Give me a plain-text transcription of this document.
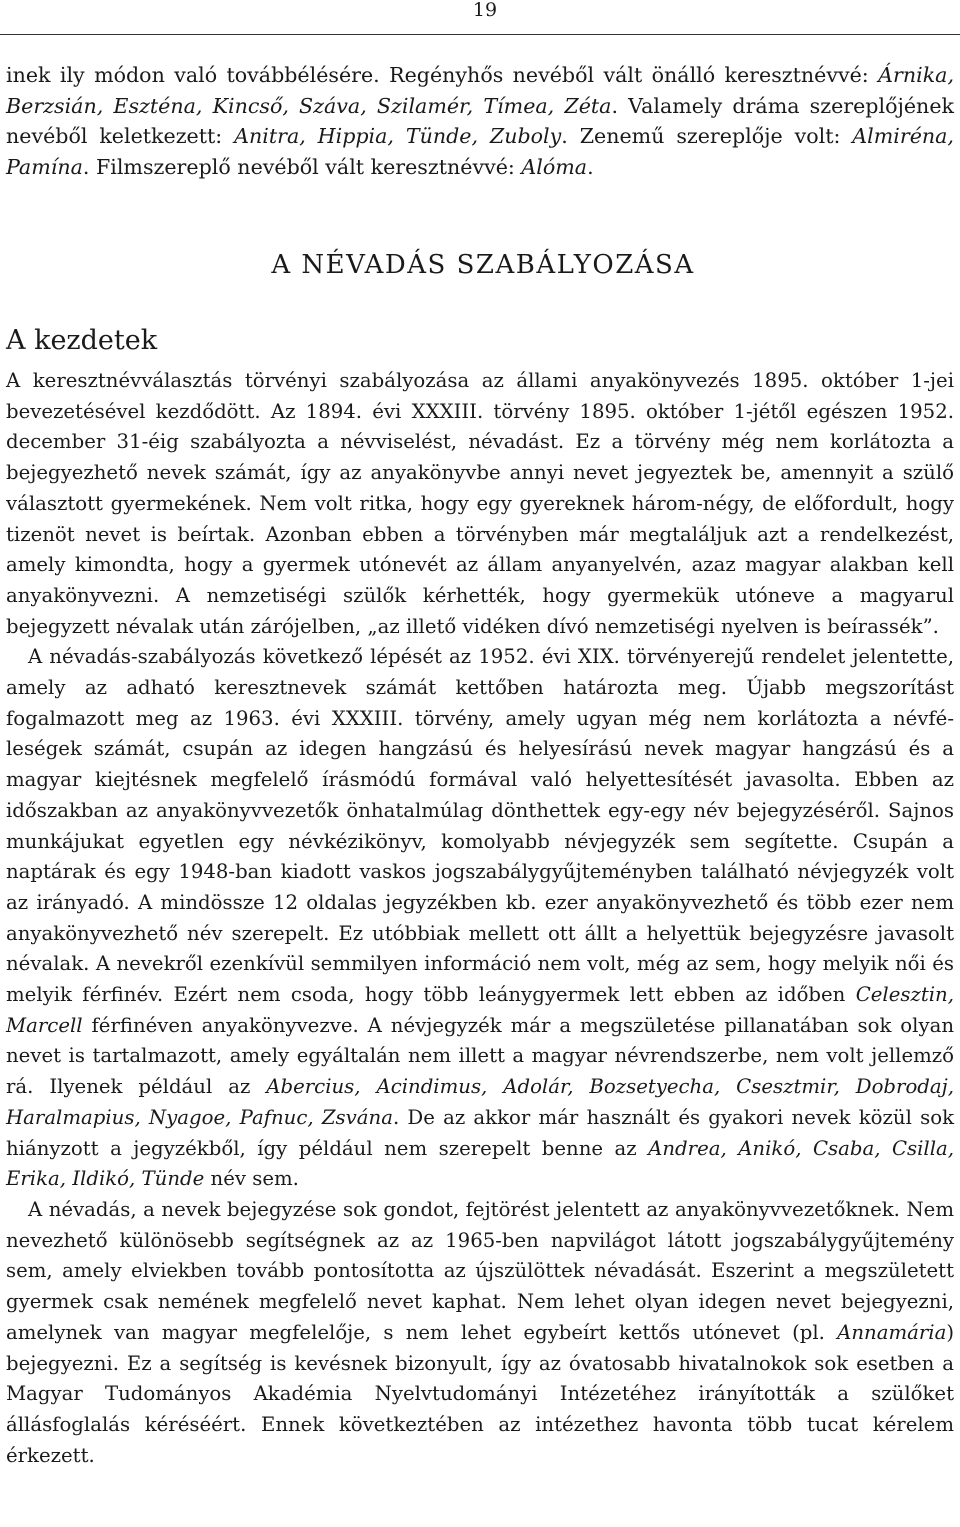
19

inek ily módon való továbbélésére. Regényhős nevéből vált önálló keresztnévvé: Árnika, Berzsián, Eszténa, Kincső, Száva, Szilamér, Tímea, Zéta. Valamely dráma szereplőjének nevéből keletkezett: Anitra, Hippia, Tünde, Zuboly. Zenemű szereplője volt: Almiréna, Pamína. Filmszereplő nevéből vált keresztnévvé: Alóma.

A NÉVADÁS SZABÁLYOZÁSA
A kezdetek

A keresztnévválasztás törvényi szabályozása az állami anyakönyvezés 1895. október 1-jei bevezetésével kezdődött. Az 1894. évi XXXIII. törvény 1895. október 1-jétől egészen 1952. december 31-éig szabályozta a névviselést, névadást. Ez a törvény még nem korlátozta a bejegyezhető nevek számát, így az anyakönyvbe annyi nevet jegyeztek be, amennyit a szülő választott gyermekének. Nem volt ritka, hogy egy gyereknek három-négy, de előfordult, hogy tizenöt nevet is beírtak. Azonban ebben a törvényben már megtaláljuk azt a rendelkezést, amely kimondta, hogy a gyermek utónevét az állam anyanyelvén, azaz magyar alakban kell anyakönyvezni. A nemzetiségi szülők kérhették, hogy gyermekük utóneve a magyarul bejegyzett névalak után zárójelben, „az illető vidéken dívó nemzetiségi nyelven is beírassék”.

A névadás-szabályozás következő lépését az 1952. évi XIX. törvényerejű rendelet jelentette, amely az adható keresztnevek számát kettőben határozta meg. Újabb megszorítást fogalmazott meg az 1963. évi XXXIII. törvény, amely ugyan még nem korlátozta a névféleségek számát, csupán az idegen hangzású és helyesírású nevek magyar hangzású és a magyar kiejtésnek megfelelő írásmódú formával való helyettesítését javasolta. Ebben az időszakban az anyakönyvvezetők önhatalmúlag dönthettek egy-egy név bejegyzéséről. Sajnos munkájukat egyetlen egy névkézikönyv, komolyabb névjegyzék sem segítette. Csupán a naptárak és egy 1948-ban kiadott vaskos jogszabálygyűjteményben található névjegyzék volt az irányadó. A mindössze 12 oldalas jegyzékben kb. ezer anyakönyvezhető és több ezer nem anyakönyvezhető név szerepelt. Ez utóbbiak mellett ott állt a helyettük bejegyzésre javasolt névalak. A nevekről ezenkívül semmilyen információ nem volt, még az sem, hogy melyik női és melyik férfinév. Ezért nem csoda, hogy több leánygyermek lett ebben az időben Celesztin, Marcell férfinéven anyakönyvezve. A névjegyzék már a megszületése pillanatában sok olyan nevet is tartalmazott, amely egyáltalán nem illett a magyar névrendszerbe, nem volt jellemző rá. Ilyenek például az Abercius, Acindimus, Adolár, Bozsetyecha, Csesztmir, Dobrodaj, Haralmapius, Nyagoe, Pafnuc, Zsvána. De az akkor már használt és gyakori nevek közül sok hiányzott a jegyzékből, így például nem szerepelt benne az Andrea, Anikó, Csaba, Csilla, Erika, Ildikó, Tünde név sem.

A névadás, a nevek bejegyzése sok gondot, fejtörést jelentett az anyakönyvvezetőknek. Nem nevezhető különösebb segítségnek az az 1965-ben napvilágot látott jogszabálygyűjtemény sem, amely elviekben tovább pontosította az újszülöttek névadását. Eszerint a megszületett gyermek csak nemének megfelelő nevet kaphat. Nem lehet olyan idegen nevet bejegyezni, amelynek van magyar megfelelője, s nem lehet egybeírt kettős utónevet (pl. Annamária) bejegyezni. Ez a segítség is kevésnek bizonyult, így az óvatosabb hivatalnokok sok esetben a Magyar Tudományos Akadémia Nyelvtudományi Intézetéhez irányították a szülőket állásfoglalás kéréséért. Ennek következtében az intézethez havonta több tucat kérelem érkezett.
